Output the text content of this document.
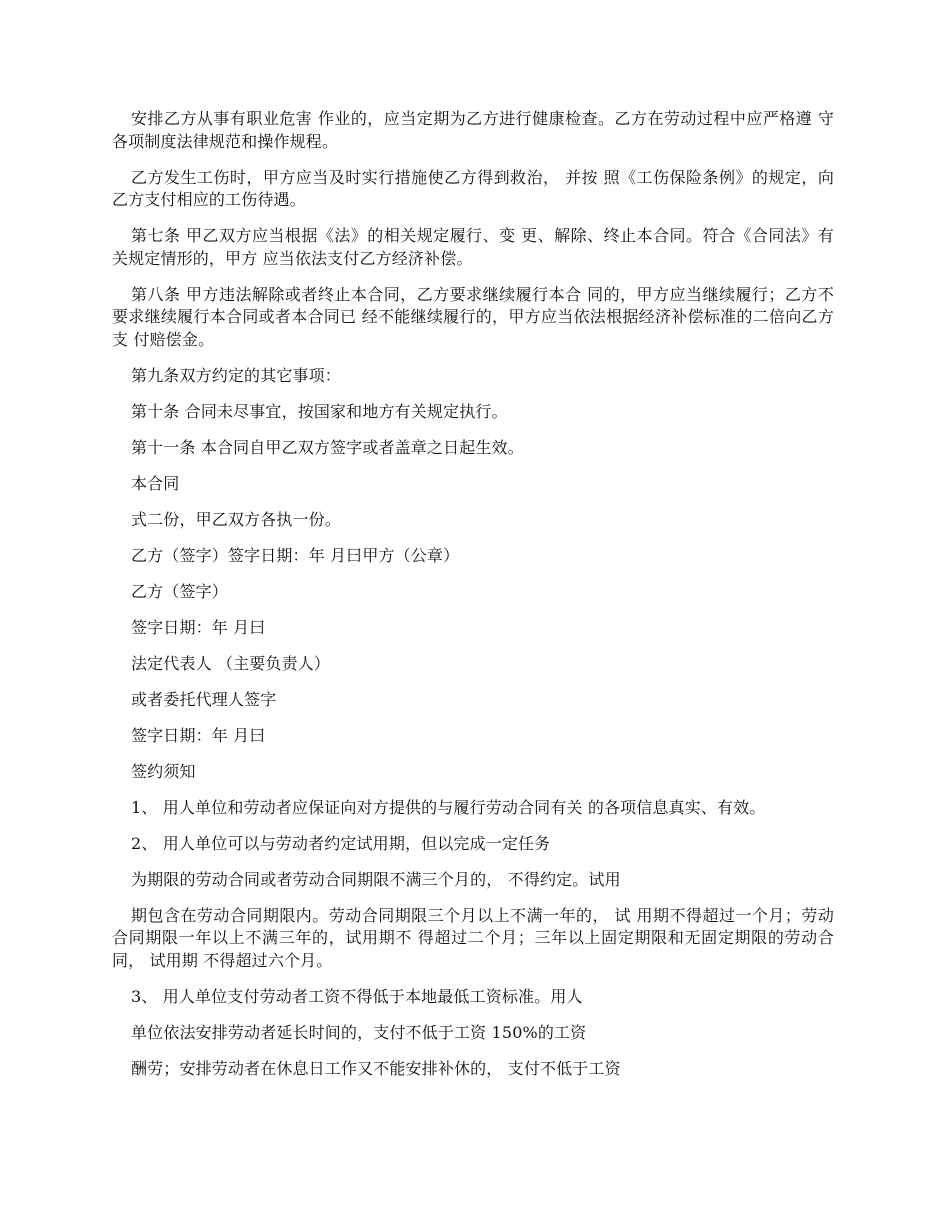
安排乙方从事有职业危害 作业的，应当定期为乙方进行健康检查。乙方在劳动过程中应严格遵 守各项制度法律规范和操作规程。

乙方发生工伤时，甲方应当及时实行措施使乙方得到救治， 并按 照《工伤保险条例》的规定，向乙方支付相应的工伤待遇。

第七条 甲乙双方应当根据《法》的相关规定履行、变 更、解除、终止本合同。符合《合同法》有关规定情形的，甲方 应当依法支付乙方经济补偿。

第八条 甲方违法解除或者终止本合同，乙方要求继续履行本合 同的，甲方应当继续履行；乙方不要求继续履行本合同或者本合同已 经不能继续履行的，甲方应当依法根据经济补偿标准的二倍向乙方支 付赔偿金。

第九条双方约定的其它事项：

第十条 合同未尽事宜，按国家和地方有关规定执行。

第十一条 本合同自甲乙双方签字或者盖章之日起生效。

本合同

式二份，甲乙双方各执一份。

乙方（签字）签字日期：年 月曰甲方（公章）

乙方（签字）

签字日期：年 月曰

法定代表人 （主要负责人）

或者委托代理人签字

签字日期：年 月曰

签约须知

1、 用人单位和劳动者应保证向对方提供的与履行劳动合同有关 的各项信息真实、有效。

2、 用人单位可以与劳动者约定试用期，但以完成一定任务

为期限的劳动合同或者劳动合同期限不满三个月的， 不得约定。试用

期包含在劳动合同期限内。劳动合同期限三个月以上不满一年的， 试 用期不得超过一个月；劳动合同期限一年以上不满三年的，试用期不 得超过二个月；三年以上固定期限和无固定期限的劳动合同， 试用期 不得超过六个月。

3、 用人单位支付劳动者工资不得低于本地最低工资标准。用人

单位依法安排劳动者延长时间的，支付不低于工资 150%的工资

酬劳；安排劳动者在休息日工作又不能安排补休的， 支付不低于工资
